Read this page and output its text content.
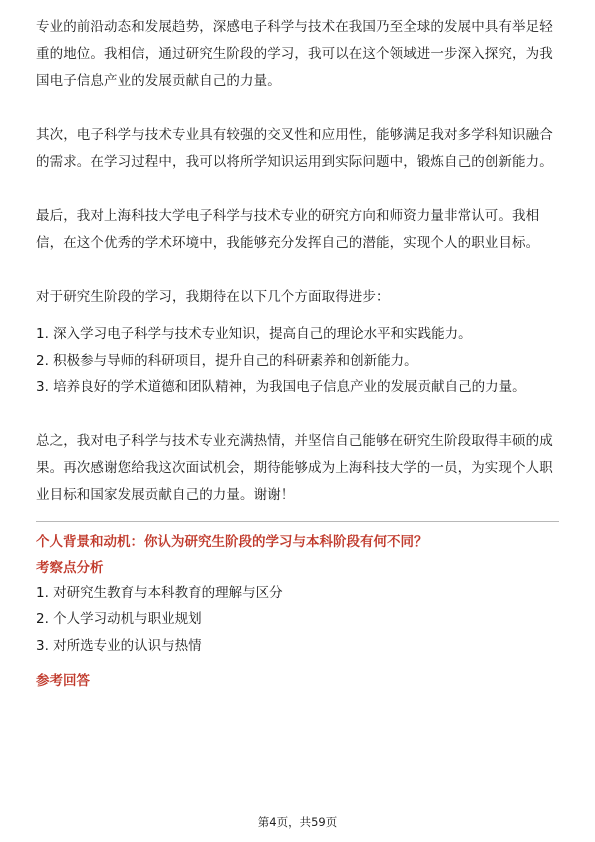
专业的前沿动态和发展趋势，深感电子科学与技术在我国乃至全球的发展中具有举足轻重的地位。我相信，通过研究生阶段的学习，我可以在这个领域进一步深入探究，为我国电子信息产业的发展贡献自己的力量。

其次，电子科学与技术专业具有较强的交叉性和应用性，能够满足我对多学科知识融合的需求。在学习过程中，我可以将所学知识运用到实际问题中，锻炼自己的创新能力。

最后，我对上海科技大学电子科学与技术专业的研究方向和师资力量非常认可。我相信，在这个优秀的学术环境中，我能够充分发挥自己的潜能，实现个人的职业目标。

对于研究生阶段的学习，我期待在以下几个方面取得进步：

1. 深入学习电子科学与技术专业知识，提高自己的理论水平和实践能力。
2. 积极参与导师的科研项目，提升自己的科研素养和创新能力。
3. 培养良好的学术道德和团队精神，为我国电子信息产业的发展贡献自己的力量。

总之，我对电子科学与技术专业充满热情，并坚信自己能够在研究生阶段取得丰硕的成果。再次感谢您给我这次面试机会，期待能够成为上海科技大学的一员，为实现个人职业目标和国家发展贡献自己的力量。谢谢！

个人背景和动机：你认为研究生阶段的学习与本科阶段有何不同？

考察点分析

1. 对研究生教育与本科教育的理解与区分
2. 个人学习动机与职业规划
3. 对所选专业的认识与热情

参考回答

第4页，共59页
